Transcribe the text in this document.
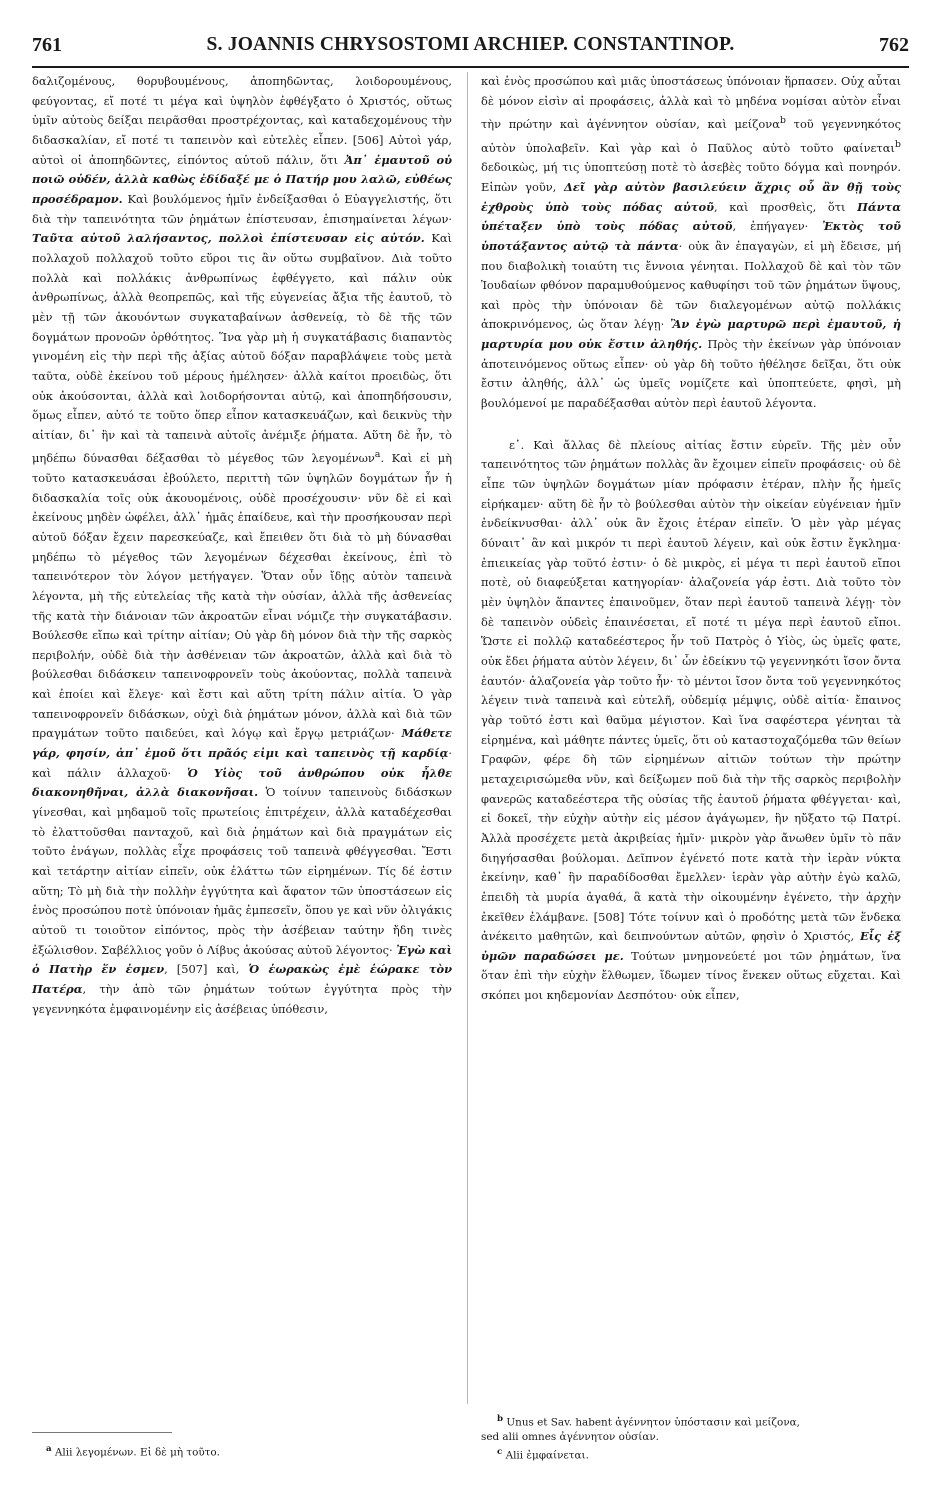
761	S. JOANNIS CHRYSOSTOMI ARCHIEP. CONSTANTINOP.	762

δαλιζομένους, θορυβουμένους, ἀποπηδῶντας, λοιδορουμένους, φεύγοντας, εἴ ποτέ τι μέγα καὶ ὑψηλὸν ἐφθέγξατο ὁ Χριστός, οὕτως ὑμῖν αὐτοὺς δείξαι πειρᾶσθαι προστρέχοντας, καὶ καταδεχομένους τὴν διδασκαλίαν, εἴ ποτέ τι ταπεινὸν καὶ εὐτελὲς εἶπεν. [506] Αὐτοὶ γάρ, αὐτοὶ οἱ ἀποπηδῶντες, εἰπόντος αὐτοῦ πάλιν, ὅτι Ἀπ᾿ ἐμαυτοῦ οὐ ποιῶ οὐδέν, ἀλλὰ καθὼς ἐδίδαξέ με ὁ Πατήρ μου λαλῶ, εὐθέως προσέδραμον. Καὶ βουλόμενος ἡμῖν ἐνδείξασθαι ὁ Εὐαγγελιστής, ὅτι διὰ τὴν ταπεινότητα τῶν ῥημάτων ἐπίστευσαν, ἐπισημαίνεται λέγων· Ταῦτα αὐτοῦ λαλήσαντος, πολλοὶ ἐπίστευσαν εἰς αὐτόν. Καὶ πολλαχοῦ πολλαχοῦ τοῦτο εὕροι τις ἂν οὕτω συμβαῖνον. Διὰ τοῦτο πολλὰ καὶ πολλάκις ἀνθρωπίνως ἐφθέγγετο, καὶ πάλιν οὐκ ἀνθρωπίνως, ἀλλὰ θεοπρεπῶς, καὶ τῆς εὐγενείας ἄξια τῆς ἑαυτοῦ, τὸ μὲν τῇ τῶν ἀκουόντων συγκαταβαίνων ἀσθενείᾳ, τὸ δὲ τῆς τῶν δογμάτων προνοῶν ὀρθότητος. Ἵνα γὰρ μὴ ἡ συγκατάβασις διαπαντὸς γινομένη εἰς τὴν περὶ τῆς ἀξίας αὐτοῦ δόξαν παραβλάψειε τοὺς μετὰ ταῦτα, οὐδὲ ἐκείνου τοῦ μέρους ἠμέλησεν· ἀλλὰ καίτοι προειδὼς, ὅτι οὐκ ἀκούσονται, ἀλλὰ καὶ λοιδορήσονται αὐτῷ, καὶ ἀποπηδήσουσιν, ὅμως εἶπεν, αὐτό τε τοῦτο ὅπερ εἶπον κατασκευάζων, καὶ δεικνὺς τὴν αἰτίαν, δι᾿ ἣν καὶ τὰ ταπεινὰ αὐτοῖς ἀνέμιξε ῥήματα. Αὕτη δὲ ἦν, τὸ μηδέπω δύνασθαι δέξασθαι τὸ μέγεθος τῶν λεγομένων$^a$. Καὶ εἰ μὴ τοῦτο κατασκευάσαι ἐβούλετο, περιττὴ τῶν ὑψηλῶν δογμάτων ἦν ἡ διδασκαλία τοῖς οὐκ ἀκουομένοις, οὐδὲ προσέχουσιν· νῦν δὲ εἰ καὶ ἐκείνους μηδὲν ὠφέλει, ἀλλ᾿ ἡμᾶς ἐπαίδευε, καὶ τὴν προσήκουσαν περὶ αὐτοῦ δόξαν ἔχειν παρεσκεύαζε, καὶ ἔπειθεν ὅτι διὰ τὸ μὴ δύνασθαι μηδέπω τὸ μέγεθος τῶν λεγομένων δέχεσθαι ἐκείνους, ἐπὶ τὸ ταπεινότερον τὸν λόγον μετήγαγεν. Ὅταν οὖν ἴδῃς αὐτὸν ταπεινὰ λέγοντα, μὴ τῆς εὐτελείας τῆς κατὰ τὴν οὐσίαν, ἀλλὰ τῆς ἀσθενείας τῆς κατὰ τὴν διάνοιαν τῶν ἀκροατῶν εἶναι νόμιζε τὴν συγκατάβασιν. Βούλεσθε εἴπω καὶ τρίτην αἰτίαν; Οὐ γὰρ δὴ μόνον διὰ τὴν τῆς σαρκὸς περιβολήν, οὐδὲ διὰ τὴν ἀσθένειαν τῶν ἀκροατῶν, ἀλλὰ καὶ διὰ τὸ βούλεσθαι διδάσκειν ταπεινοφρονεῖν τοὺς ἀκούοντας, πολλὰ ταπεινὰ καὶ ἐποίει καὶ ἔλεγε· καὶ ἔστι καὶ αὕτη τρίτη πάλιν αἰτία. Ὁ γὰρ ταπεινοφρονεῖν διδάσκων, οὐχὶ διὰ ῥημάτων μόνον, ἀλλὰ καὶ διὰ τῶν πραγμάτων τοῦτο παιδεύει, καὶ λόγῳ καὶ ἔργῳ μετριάζων· Μάθετε γάρ, φησίν, ἀπ᾿ ἐμοῦ ὅτι πρᾶός εἰμι καὶ ταπεινὸς τῇ καρδίᾳ· καὶ πάλιν ἀλλαχοῦ· Ὁ Υἱὸς τοῦ ἀνθρώπου οὐκ ἦλθε διακονηθῆναι, ἀλλὰ διακονῆσαι. Ὁ τοίνυν ταπεινοὺς διδάσκων γίνεσθαι, καὶ μηδαμοῦ τοῖς πρωτείοις ἐπιτρέχειν, ἀλλὰ καταδέχεσθαι τὸ ἐλαττοῦσθαι πανταχοῦ, καὶ διὰ ῥημάτων καὶ διὰ πραγμάτων εἰς τοῦτο ἐνάγων, πολλὰς εἶχε προφάσεις τοῦ ταπεινὰ φθέγγεσθαι. Ἔστι καὶ τετάρτην αἰτίαν εἰπεῖν, οὐκ ἐλάττω τῶν εἰρημένων. Τίς δέ ἐστιν αὕτη; Τὸ μὴ διὰ τὴν πολλὴν ἐγγύτητα καὶ ἄφατον τῶν ὑποστάσεων εἰς ἑνὸς προσώπου ποτὲ ὑπόνοιαν ἡμᾶς ἐμπεσεῖν, ὅπου γε καὶ νῦν ὀλιγάκις αὐτοῦ τι τοιοῦτον εἰπόντος, πρὸς τὴν ἀσέβειαν ταύτην ἤδη τινὲς ἐξώλισθον. Σαβέλλιος γοῦν ὁ Λίβυς ἀκούσας αὐτοῦ λέγοντος· Ἐγὼ καὶ ὁ Πατὴρ ἕν ἐσμεν, [507] καὶ, Ὁ ἑωρακὼς ἐμὲ ἑώρακε τὸν Πατέρα, τὴν ἀπὸ τῶν ῥημάτων τούτων ἐγγύτητα πρὸς τὴν γεγεννηκότα ἐμφαινομένην εἰς ἀσέβειας ὑπόθεσιν,

καὶ ἑνὸς προσώπου καὶ μιᾶς ὑποστάσεως ὑπόνοιαν ἥρπασεν. Οὐχ αὗται δὲ μόνον εἰσὶν αἱ προφάσεις, ἀλλὰ καὶ τὸ μηδένα νομίσαι αὐτὸν εἶναι τὴν πρώτην καὶ ἀγέννητον οὐσίαν, καὶ μείζονα$^b$ τοῦ γεγεννηκότος αὐτὸν ὑπολαβεῖν. Καὶ γὰρ καὶ ὁ Παῦλος αὐτὸ τοῦτο φαίνεται$^b$ δεδοικὼς, μή τις ὑποπτεύσῃ ποτὲ τὸ ἀσεβὲς τοῦτο δόγμα καὶ πονηρόν. Εἰπὼν γοῦν, Δεῖ γὰρ αὐτὸν βασιλεύειν ἄχρις οὗ ἂν θῇ τοὺς ἐχθροὺς ὑπὸ τοὺς πόδας αὐτοῦ, καὶ προσθεὶς, ὅτι Πάντα ὑπέταξεν ὑπὸ τοὺς πόδας αὐτοῦ, ἐπήγαγεν· Ἐκτὸς τοῦ ὑποτάξαντος αὐτῷ τὰ πάντα· οὐκ ἂν ἐπαγαγὼν, εἰ μὴ ἔδεισε, μή που διαβολικὴ τοιαύτη τις ἔννοια γένηται. Πολλαχοῦ δὲ καὶ τὸν τῶν Ἰουδαίων φθόνον παραμυθούμενος καθυφίησι τοῦ τῶν ῥημάτων ὕψους, καὶ πρὸς τὴν ὑπόνοιαν δὲ τῶν διαλεγομένων αὐτῷ πολλάκις ἀποκρινόμενος, ὡς ὅταν λέγῃ· Ἂν ἐγὼ μαρτυρῶ περὶ ἐμαυτοῦ, ἡ μαρτυρία μου οὐκ ἔστιν ἀληθής. Πρὸς τὴν ἐκείνων γὰρ ὑπόνοιαν ἀποτεινόμενος οὕτως εἶπεν· οὐ γὰρ δὴ τοῦτο ἠθέλησε δεῖξαι, ὅτι οὐκ ἔστιν ἀληθής, ἀλλ᾿ ὡς ὑμεῖς νομίζετε καὶ ὑποπτεύετε, φησὶ, μὴ βουλόμενοί με παραδέξασθαι αὐτὸν περὶ ἑαυτοῦ λέγοντα.

ε᾿. Καὶ ἄλλας δὲ πλείους αἰτίας ἔστιν εὑρεῖν. Τῆς μὲν οὖν ταπεινότητος τῶν ῥημάτων πολλὰς ἂν ἔχοιμεν εἰπεῖν προφάσεις· οὐ δὲ εἶπε τῶν ὑψηλῶν δογμάτων μίαν πρόφασιν ἑτέραν, πλὴν ἧς ἡμεῖς εἰρήκαμεν· αὕτη δὲ ἦν τὸ βούλεσθαι αὐτὸν τὴν οἰκείαν εὐγένειαν ἡμῖν ἐνδείκνυσθαι· ἀλλ᾿ οὐκ ἂν ἔχοις ἑτέραν εἰπεῖν. Ὁ μὲν γὰρ μέγας δύναιτ᾿ ἂν καὶ μικρόν τι περὶ ἑαυτοῦ λέγειν, καὶ οὐκ ἔστιν ἔγκλημα· ἐπιεικείας γὰρ τοῦτό ἐστιν· ὁ δὲ μικρὸς, εἰ μέγα τι περὶ ἑαυτοῦ εἴποι ποτὲ, οὐ διαφεύξεται κατηγορίαν· ἀλαζονεία γάρ ἐστι. Διὰ τοῦτο τὸν μὲν ὑψηλὸν ἅπαντες ἐπαινοῦμεν, ὅταν περὶ ἑαυτοῦ ταπεινὰ λέγῃ· τὸν δὲ ταπεινὸν οὐδεὶς ἐπαινέσεται, εἴ ποτέ τι μέγα περὶ ἑαυτοῦ εἴποι. Ὥστε εἰ πολλῷ καταδεέστερος ἦν τοῦ Πατρὸς ὁ Υἱὸς, ὡς ὑμεῖς φατε, οὐκ ἔδει ῥήματα αὐτὸν λέγειν, δι᾿ ὧν ἐδείκνυ τῷ γεγεννηκότι ἴσον ὄντα ἑαυτόν· ἀλαζονεία γὰρ τοῦτο ἦν· τὸ μέντοι ἴσον ὄντα τοῦ γεγεννηκότος λέγειν τινὰ ταπεινὰ καὶ εὐτελῆ, οὐδεμίᾳ μέμψις, οὐδὲ αἰτία· ἔπαινος γὰρ τοῦτό ἐστι καὶ θαῦμα μέγιστον. Καὶ ἵνα σαφέστερα γένηται τὰ εἰρημένα, καὶ μάθητε πάντες ὑμεῖς, ὅτι οὐ καταστοχαζόμεθα τῶν θείων Γραφῶν, φέρε δὴ τῶν εἰρημένων αἰτιῶν τούτων τὴν πρώτην μεταχειρισώμεθα νῦν, καὶ δείξωμεν ποῦ διὰ τὴν τῆς σαρκὸς περιβολὴν φανερῶς καταδεέστερα τῆς οὐσίας τῆς ἑαυτοῦ ῥήματα φθέγγεται· καὶ, εἰ δοκεῖ, τὴν εὐχὴν αὐτὴν εἰς μέσον ἀγάγωμεν, ἣν ηὔξατο τῷ Πατρί. Ἀλλὰ προσέχετε μετὰ ἀκριβείας ἡμῖν· μικρὸν γὰρ ἄνωθεν ὑμῖν τὸ πᾶν διηγήσασθαι βούλομαι. Δεῖπνον ἐγένετό ποτε κατὰ τὴν ἱερὰν νύκτα ἐκείνην, καθ᾿ ἣν παραδίδοσθαι ἔμελλεν· ἱερὰν γὰρ αὐτὴν ἐγὼ καλῶ, ἐπειδὴ τὰ μυρία ἀγαθά, ἃ κατὰ τὴν οἰκουμένην ἐγένετο, τὴν ἀρχὴν ἐκεῖθεν ἐλάμβανε. [508] Τότε τοίνυν καὶ ὁ προδότης μετὰ τῶν ἕνδεκα ἀνέκειτο μαθητῶν, καὶ δειπνούντων αὐτῶν, φησὶν ὁ Χριστός, Εἷς ἐξ ὑμῶν παραδώσει με. Τούτων μνημονεύετέ μοι τῶν ῥημάτων, ἵνα ὅταν ἐπὶ τὴν εὐχὴν ἔλθωμεν, ἴδωμεν τίνος ἕνεκεν οὕτως εὔχεται. Καὶ σκόπει μοι κηδεμονίαν Δεσπότου· οὐκ εἶπεν,

$^a$ Alii λεγομένων. Εἰ δὲ μὴ τοῦτο.

$^b$ Unus et Sav. habent ἀγέννητον ὑπόστασιν καὶ μείζονα,

sed alii omnes ἀγέννητον οὐσίαν.

$^c$ Alii ἐμφαίνεται.
